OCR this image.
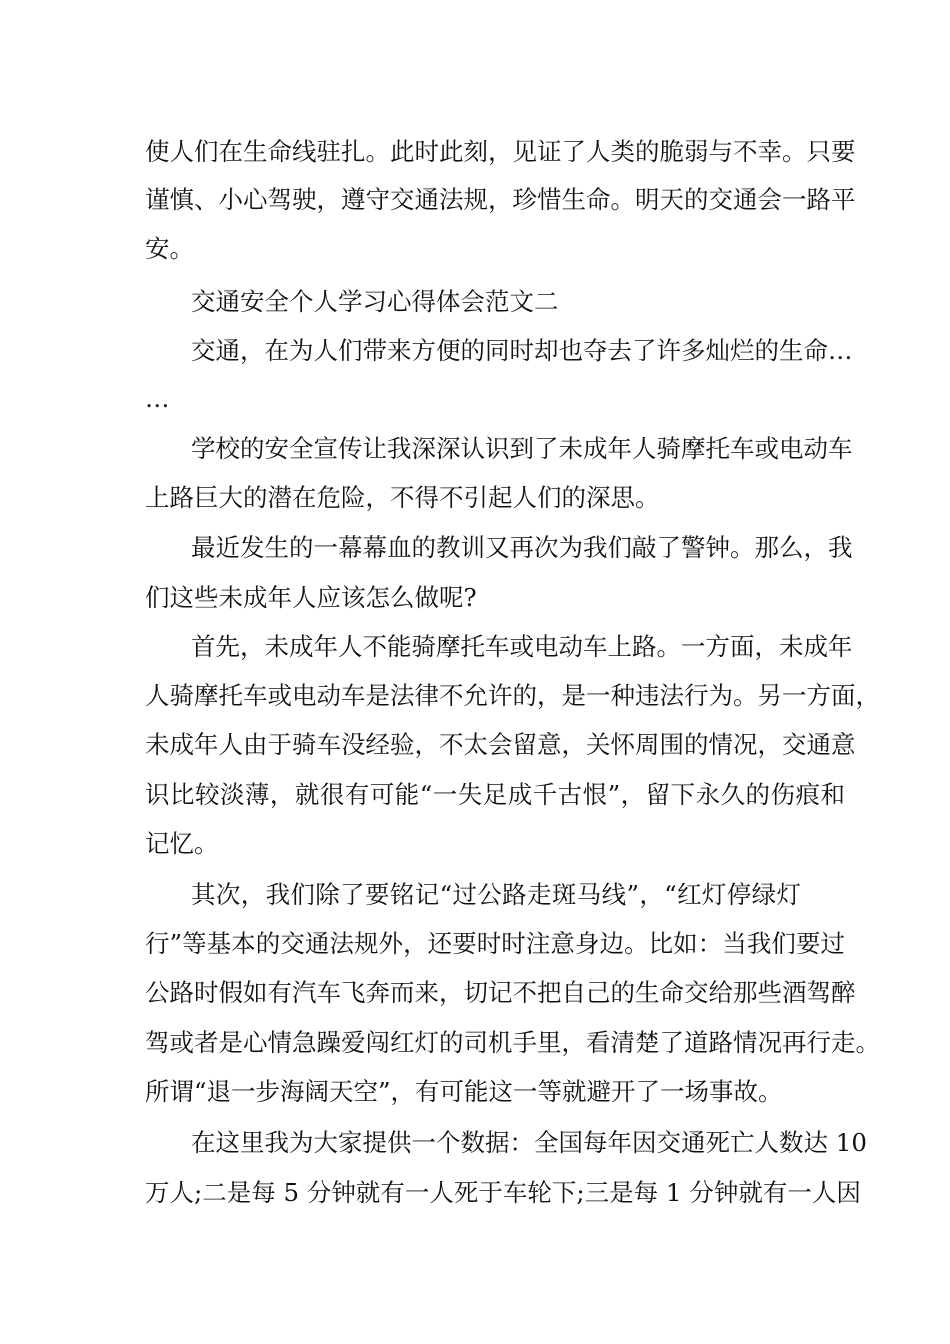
使人们在生命线驻扎。此时此刻，见证了人类的脆弱与不幸。只要
谨慎、小心驾驶，遵守交通法规，珍惜生命。明天的交通会一路平
安。
交通安全个人学习心得体会范文二
交通，在为人们带来方便的同时却也夺去了许多灿烂的生命…
…
学校的安全宣传让我深深认识到了未成年人骑摩托车或电动车
上路巨大的潜在危险，不得不引起人们的深思。
最近发生的一幕幕血的教训又再次为我们敲了警钟。那么，我
们这些未成年人应该怎么做呢?
首先，未成年人不能骑摩托车或电动车上路。一方面，未成年
人骑摩托车或电动车是法律不允许的，是一种违法行为。另一方面，
未成年人由于骑车没经验，不太会留意，关怀周围的情况，交通意
识比较淡薄，就很有可能“一失足成千古恨”，留下永久的伤痕和
记忆。
其次，我们除了要铭记“过公路走斑马线”，“红灯停绿灯
行”等基本的交通法规外，还要时时注意身边。比如：当我们要过
公路时假如有汽车飞奔而来，切记不把自己的生命交给那些酒驾醉
驾或者是心情急躁爱闯红灯的司机手里，看清楚了道路情况再行走。
所谓“退一步海阔天空”，有可能这一等就避开了一场事故。
在这里我为大家提供一个数据：全国每年因交通死亡人数达 10
万人;二是每 5 分钟就有一人死于车轮下;三是每 1 分钟就有一人因
